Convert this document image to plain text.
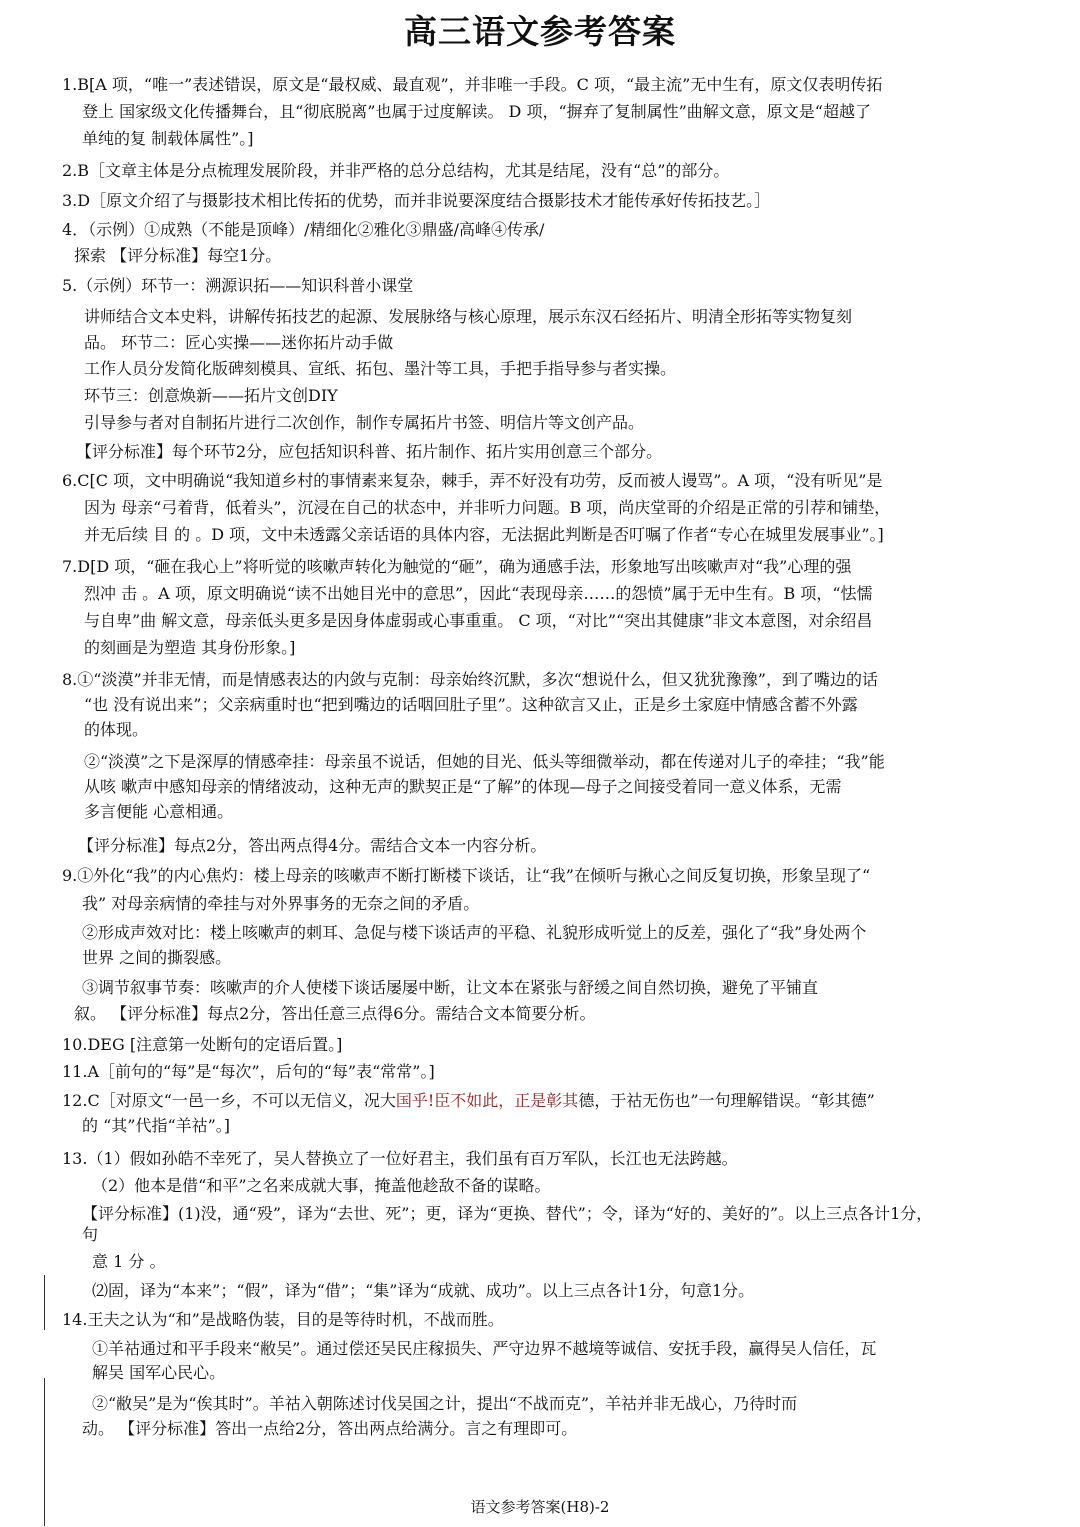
高三语文参考答案
1.B[A 项，“唯一”表述错误，原文是“最权威、最直观”，并非唯一手段。C 项，“最主流”无中生有，原文仅表明传拓
登上 国家级文化传播舞台，且“彻底脱离”也属于过度解读。 D 项，“摒弃了复制属性”曲解文意，原文是“超越了
单纯的复 制载体属性”。]
2.B［文章主体是分点梳理发展阶段，并非严格的总分总结构，尤其是结尾，没有“总”的部分。
3.D［原文介绍了与摄影技术相比传拓的优势，而并非说要深度结合摄影技术才能传承好传拓技艺。］
4．（示例）①成熟（不能是顶峰）/精细化②雅化③鼎盛/高峰④传承/
探索 【评分标准】每空1分。
5.（示例）环节一：溯源识拓——知识科普小课堂
讲师结合文本史料，讲解传拓技艺的起源、发展脉络与核心原理，展示东汉石经拓片、明清全形拓等实物复刻
品。 环节二：匠心实操——迷你拓片动手做
工作人员分发简化版碑刻模具、宣纸、拓包、墨汁等工具，手把手指导参与者实操。
环节三：创意焕新——拓片文创DIY
引导参与者对自制拓片进行二次创作，制作专属拓片书签、明信片等文创产品。
【评分标准】每个环节2分，应包括知识科普、拓片制作、拓片实用创意三个部分。
6.C[C 项，文中明确说“我知道乡村的事情素来复杂，棘手，弄不好没有功劳，反而被人谩骂”。A 项，“没有听见”是
因为 母亲“弓着背，低着头”，沉浸在自己的状态中，并非听力问题。B 项，尚庆堂哥的介绍是正常的引荐和铺垫，
并无后续 目 的 。D 项，文中未透露父亲话语的具体内容，无法据此判断是否叮嘱了作者“专心在城里发展事业”。]
7.D[D 项，“砸在我心上”将听觉的咳嗽声转化为触觉的“砸”，确为通感手法，形象地写出咳嗽声对“我”心理的强
烈冲 击 。A 项，原文明确说“读不出她目光中的意思”，因此“表现母亲……的怨愤”属于无中生有。B 项，“怯懦
与自卑”曲 解文意，母亲低头更多是因身体虚弱或心事重重。 C 项，“对比”“突出其健康”非文本意图，对余绍昌
的刻画是为塑造 其身份形象。]
8.①“淡漠”并非无情，而是情感表达的内敛与克制：母亲始终沉默，多次“想说什么，但又犹犹豫豫”，到了嘴边的话
“也 没有说出来”；父亲病重时也“把到嘴边的话咽回肚子里”。这种欲言又止，正是乡土家庭中情感含蓄不外露
的体现。
②“淡漠”之下是深厚的情感牵挂：母亲虽不说话，但她的目光、低头等细微举动，都在传递对儿子的牵挂；“我”能
从咳 嗽声中感知母亲的情绪波动，这种无声的默契正是“了解”的体现—母子之间接受着同一意义体系，无需
多言便能 心意相通。
【评分标准】每点2分，答出两点得4分。需结合文本一内容分析。
9.①外化“我”的内心焦灼：楼上母亲的咳嗽声不断打断楼下谈话，让“我”在倾听与揪心之间反复切换，形象呈现了“
我” 对母亲病情的牵挂与对外界事务的无奈之间的矛盾。
②形成声效对比：楼上咳嗽声的刺耳、急促与楼下谈话声的平稳、礼貌形成听觉上的反差，强化了“我”身处两个
世界 之间的撕裂感。
③调节叙事节奏：咳嗽声的介人使楼下谈话屡屡中断，让文本在紧张与舒缓之间自然切换，避免了平铺直
叙。 【评分标准】每点2分，答出任意三点得6分。需结合文本简要分析。
10.DEG [注意第一处断句的定语后置。]
11.A［前句的“每”是“每次”，后句的“每”表“常常”。]
12.C［对原文“一邑一乡，不可以无信义，况大国乎!臣不如此，正是彰其德，于祜无伤也”一句理解错误。“彰其德”
的 “其”代指“羊祜”。]
13.（1）假如孙皓不幸死了，吴人替换立了一位好君主，我们虽有百万军队，长江也无法跨越。
（2）他本是借“和平”之名来成就大事，掩盖他趁敌不备的谋略。
【评分标准】(1)没，通“殁”，译为“去世、死”；更，译为“更换、替代”；令，译为“好的、美好的”。以上三点各计1分，
句
意 1 分 。
⑵固，译为“本来”；“假”，译为“借”；“集”译为“成就、成功”。以上三点各计1分，句意1分。
14.王夫之认为“和”是战略伪装，目的是等待时机，不战而胜。
①羊祜通过和平手段来“敝吴”。通过偿还吴民庄稼损失、严守边界不越境等诚信、安抚手段，赢得吴人信任，瓦
解吴 国军心民心。
②“敝吴”是为“俟其时”。羊祜入朝陈述讨伐吴国之计，提出“不战而克”，羊祜并非无战心，乃待时而
动。 【评分标准】答出一点给2分，答出两点给满分。言之有理即可。
语文参考答案(H8)-2
